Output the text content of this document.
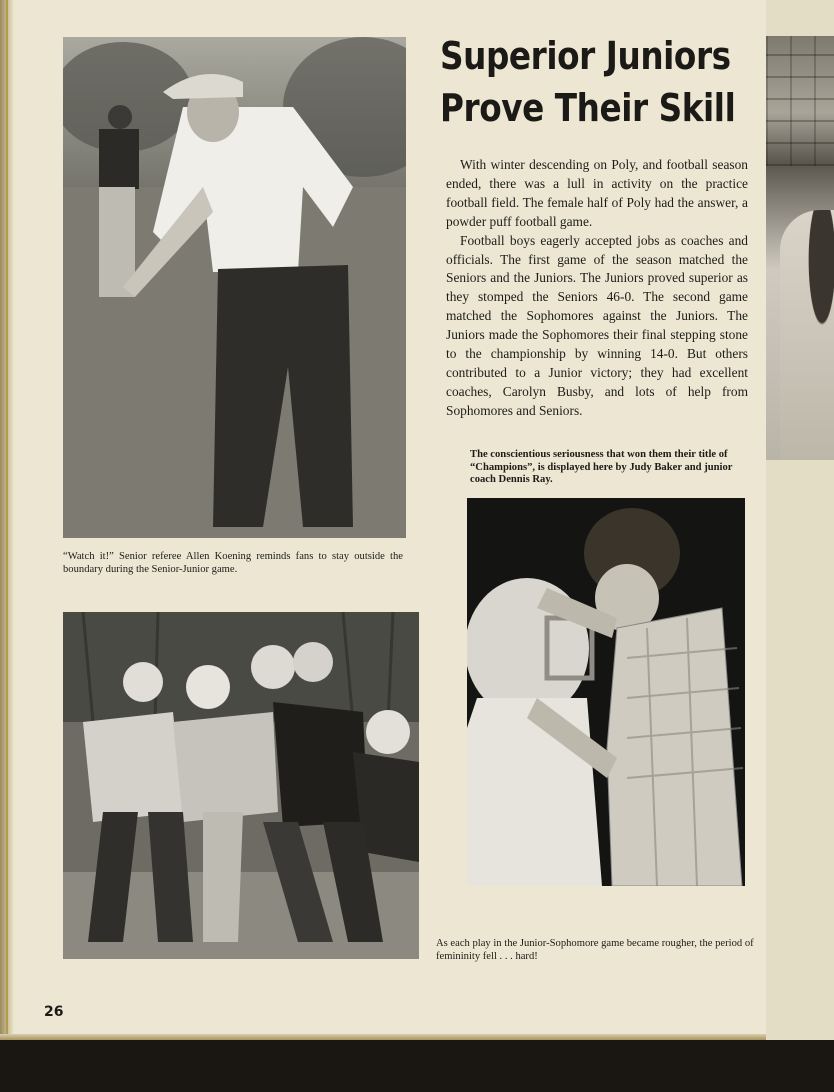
Superior Juniors
Prove Their Skill

With winter descending on Poly, and football season ended, there was a lull in activity on the practice football field. The female half of Poly had the answer, a powder puff football game.

Football boys eagerly accepted jobs as coaches and officials. The first game of the season matched the Seniors and the Juniors. The Juniors proved superior as they stomped the Seniors 46-0. The second game matched the Sophomores against the Juniors. The Juniors made the Sophomores their final stepping stone to the championship by winning 14-0. But others contributed to a Junior victory; they had excellent coaches, Carolyn Busby, and lots of help from Sophomores and Seniors.

“Watch it!” Senior referee Allen Koening reminds fans to stay outside the boundary during the Senior-Junior game.
The conscientious seriousness that won them their title of “Champions”, is displayed here by Judy Baker and junior coach Dennis Ray.
As each play in the Junior-Sophomore game became rougher, the period of femininity fell . . . hard!
26
